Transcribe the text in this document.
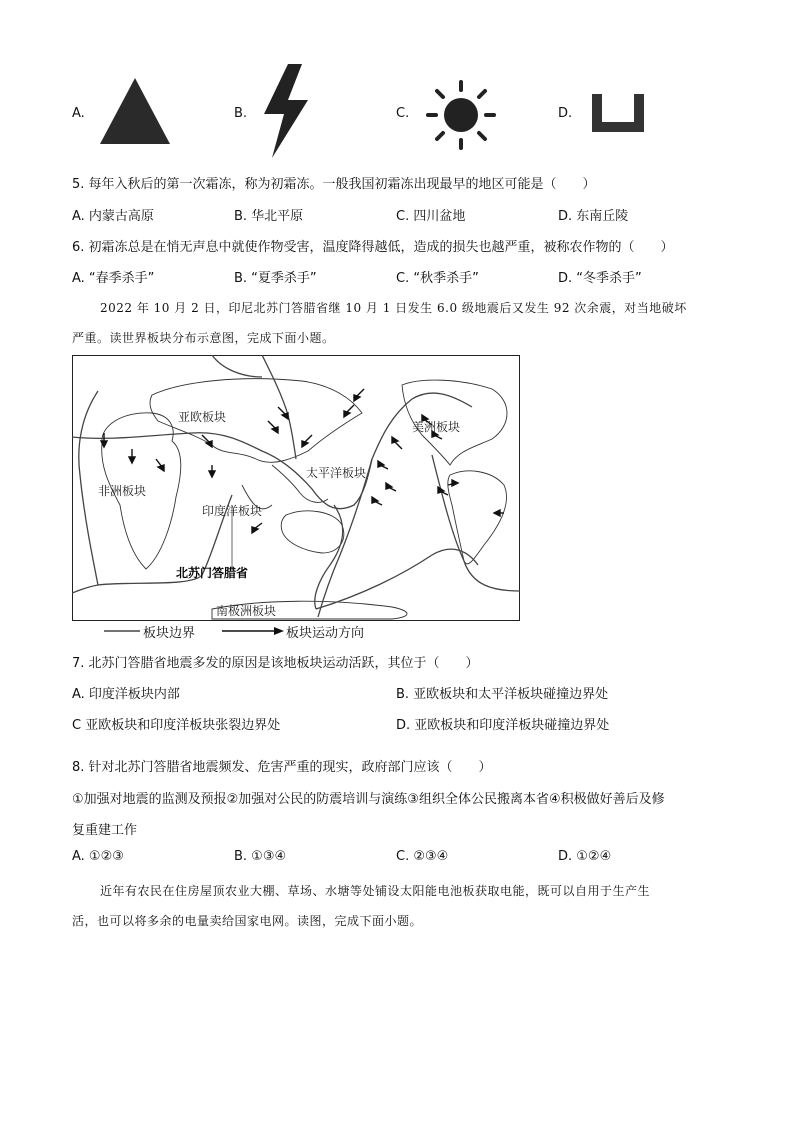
A.	B.	C.	D.
5. 每年入秋后的第一次霜冻，称为初霜冻。一般我国初霜冻出现最早的地区可能是（　　）
A. 内蒙古高原	B. 华北平原	C. 四川盆地	D. 东南丘陵
6. 初霜冻总是在悄无声息中就使作物受害，温度降得越低，造成的损失也越严重，被称农作物的（　　）
A. “春季杀手”	B. “夏季杀手”	C. “秋季杀手”	D. “冬季杀手”
2022 年 10 月 2 日，印尼北苏门答腊省继 10 月 1 日发生 6.0 级地震后又发生 92 次余震，对当地破坏
严重。读世界板块分布示意图，完成下面小题。
亚欧板块
美洲板块
非洲板块
太平洋板块
印度洋板块
北苏门答腊省
南极洲板块
板块边界	板块运动方向
7. 北苏门答腊省地震多发的原因是该地板块运动活跃，其位于（　　）
A. 印度洋板块内部	B. 亚欧板块和太平洋板块碰撞边界处
C 亚欧板块和印度洋板块张裂边界处	D. 亚欧板块和印度洋板块碰撞边界处
8. 针对北苏门答腊省地震频发、危害严重的现实，政府部门应该（　　）
①加强对地震的监测及预报②加强对公民的防震培训与演练③组织全体公民搬离本省④积极做好善后及修
复重建工作
A. ①②③	B. ①③④	C. ②③④	D. ①②④
近年有农民在住房屋顶农业大棚、草场、水塘等处铺设太阳能电池板获取电能，既可以自用于生产生
活，也可以将多余的电量卖给国家电网。读图，完成下面小题。
